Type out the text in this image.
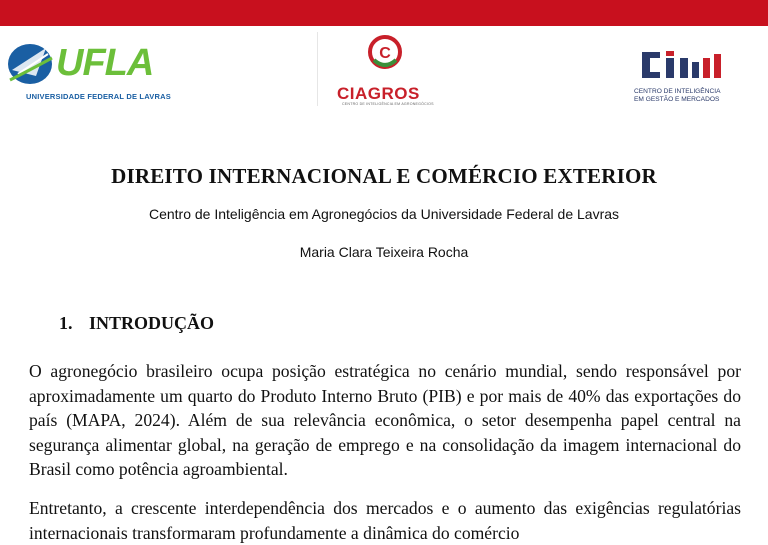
UFLA
UNIVERSIDADE FEDERAL DE LAVRAS
C
CIAGROS
CENTRO DE INTELIGÊNCIA EM AGRONEGÓCIOS
CENTRO DE INTELIGÊNCIA
EM GESTÃO E MERCADOS
DIREITO INTERNACIONAL E COMÉRCIO EXTERIOR
Centro de Inteligência em Agronegócios da Universidade Federal de Lavras
Maria Clara Teixeira Rocha
1. INTRODUÇÃO

O agronegócio brasileiro ocupa posição estratégica no cenário mundial, sendo responsável por aproximadamente um quarto do Produto Interno Bruto (PIB) e por mais de 40% das exportações do país (MAPA, 2024). Além de sua relevância econômica, o setor desempenha papel central na segurança alimentar global, na geração de emprego e na consolidação da imagem internacional do Brasil como potência agroambiental.

Entretanto, a crescente interdependência dos mercados e o aumento das exigências regulatórias internacionais transformaram profundamente a dinâmica do comércio
